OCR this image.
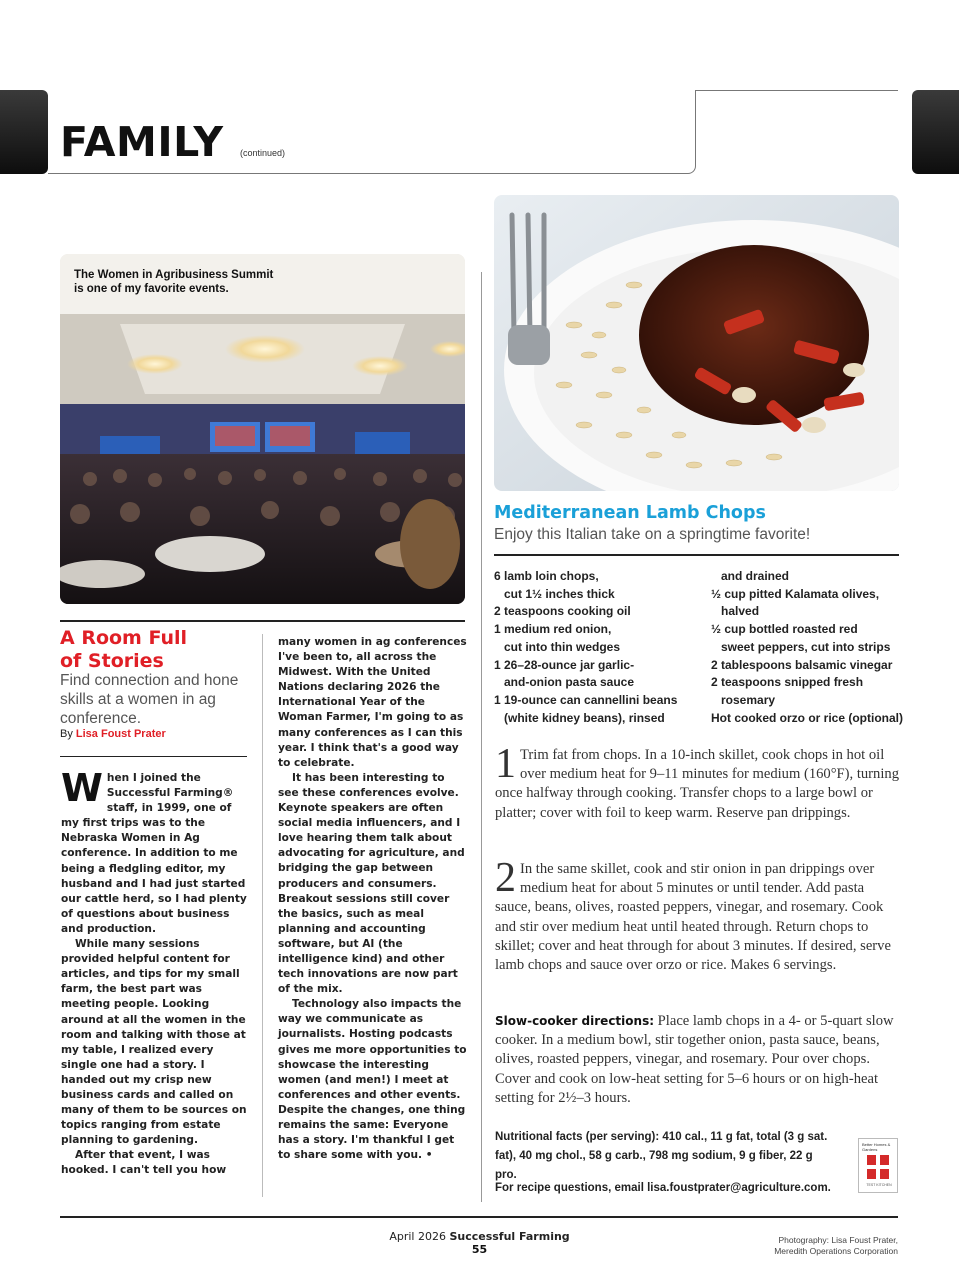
FAMILY (continued)
The Women in Agribusiness Summit
is one of my favorite events.
A Room Full
of Stories
Find connection and hone skills at a women in ag conference.
By Lisa Foust Prater

When I joined the Successful Farming® staff, in 1999, one of my first trips was to the Nebraska Women in Ag conference. In addition to me being a fledgling editor, my husband and I had just started our cattle herd, so I had plenty of questions about business and production.

While many sessions provided helpful content for articles, and tips for my small farm, the best part was meeting people. Looking around at all the women in the room and talking with those at my table, I realized every single one had a story. I handed out my crisp new business cards and called on many of them to be sources on topics ranging from estate planning to gardening.

After that event, I was hooked. I can't tell you how

many women in ag conferences I've been to, all across the Midwest. With the United Nations declaring 2026 the International Year of the Woman Farmer, I'm going to as many conferences as I can this year. I think that's a good way to celebrate.

It has been interesting to see these conferences evolve. Keynote speakers are often social media influencers, and I love hearing them talk about advocating for agriculture, and bridging the gap between producers and consumers. Breakout sessions still cover the basics, such as meal planning and accounting software, but AI (the intelligence kind) and other tech innovations are now part of the mix.

Technology also impacts the way we communicate as journalists. Hosting podcasts gives me more opportunities to showcase the interesting women (and men!) I meet at conferences and other events. Despite the changes, one thing remains the same: Everyone has a story. I'm thankful I get to share some with you. •

Mediterranean Lamb Chops
Enjoy this Italian take on a springtime favorite!
6 lamb loin chops,
cut 1½ inches thick
2 teaspoons cooking oil
1 medium red onion,
cut into thin wedges
1 26–28-ounce jar garlic-
and-onion pasta sauce
1 19-ounce can cannellini beans
(white kidney beans), rinsed
and drained
½ cup pitted Kalamata olives,
halved
½ cup bottled roasted red
sweet peppers, cut into strips
2 tablespoons balsamic vinegar
2 teaspoons snipped fresh
rosemary
Hot cooked orzo or rice (optional)
1 Trim fat from chops. In a 10-inch skillet, cook chops in hot oil over medium heat for 9–11 minutes for medium (160°F), turning once halfway through cooking. Transfer chops to a large bowl or platter; cover with foil to keep warm. Reserve pan drippings.
2 In the same skillet, cook and stir onion in pan drippings over medium heat for about 5 minutes or until tender. Add pasta sauce, beans, olives, roasted peppers, vinegar, and rosemary. Cook and stir over medium heat until heated through. Return chops to skillet; cover and heat through for about 3 minutes. If desired, serve lamb chops and sauce over orzo or rice. Makes 6 servings.
Slow-cooker directions: Place lamb chops in a 4- or 5-quart slow cooker. In a medium bowl, stir together onion, pasta sauce, beans, olives, roasted peppers, vinegar, and rosemary. Pour over chops. Cover and cook on low-heat setting for 5–6 hours or on high-heat setting for 2½–3 hours.
Nutritional facts (per serving): 410 cal., 11 g fat, total (3 g sat. fat), 40 mg chol., 58 g carb., 798 mg sodium, 9 g fiber, 22 g pro.
For recipe questions, email lisa.foustprater@agriculture.com.
Better Homes & Gardens
TEST KITCHEN
April 2026 Successful Farming
55
Photography: Lisa Foust Prater,
Meredith Operations Corporation
